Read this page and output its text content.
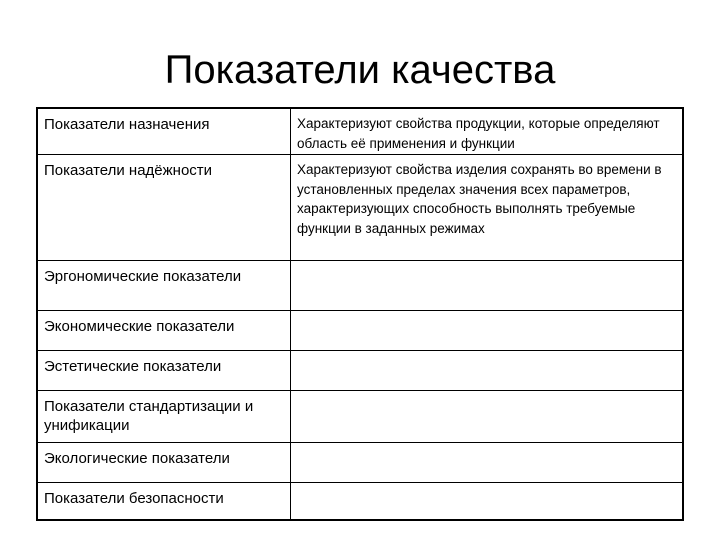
Показатели качества
Показатели назначения	Характеризуют свойства продукции, которые определяют область её применения и функции
Показатели надёжности	Характеризуют свойства изделия сохранять во времени в установленных пределах значения всех параметров, характеризующих способность выполнять требуемые функции в заданных режимах
Эргономические показатели
Экономические показатели
Эстетические показатели
Показатели стандартизации и унификации
Экологические показатели
Показатели безопасности
